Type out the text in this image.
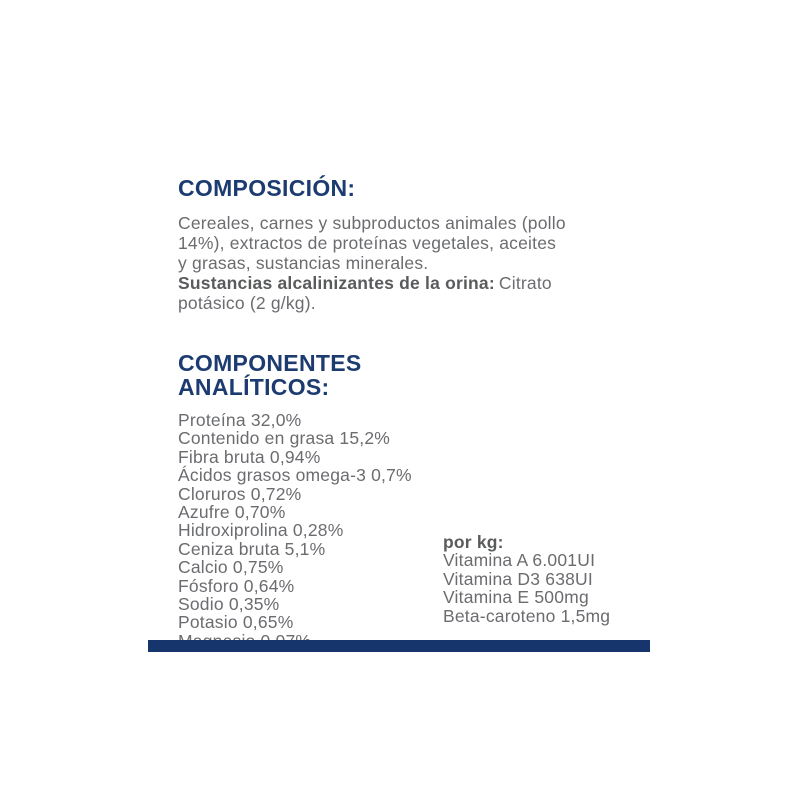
COMPOSICIÓN:
Cereales, carnes y subproductos animales (pollo
14%), extractos de proteínas vegetales, aceites
y grasas, sustancias minerales.
Sustancias alcalinizantes de la orina: Citrato
potásico (2 g/kg).
COMPONENTES ANALÍTICOS:
Proteína 32,0%
Contenido en grasa 15,2%
Fibra bruta 0,94%
Ácidos grasos omega-3 0,7%
Cloruros 0,72%
Azufre 0,70%
Hidroxiprolina 0,28%
Ceniza bruta 5,1%
Calcio 0,75%
Fósforo 0,64%
Sodio 0,35%
Potasio 0,65%
por kg:
Vitamina A 6.001UI
Vitamina D3 638UI
Vitamina E 500mg
Beta-caroteno 1,5mg
